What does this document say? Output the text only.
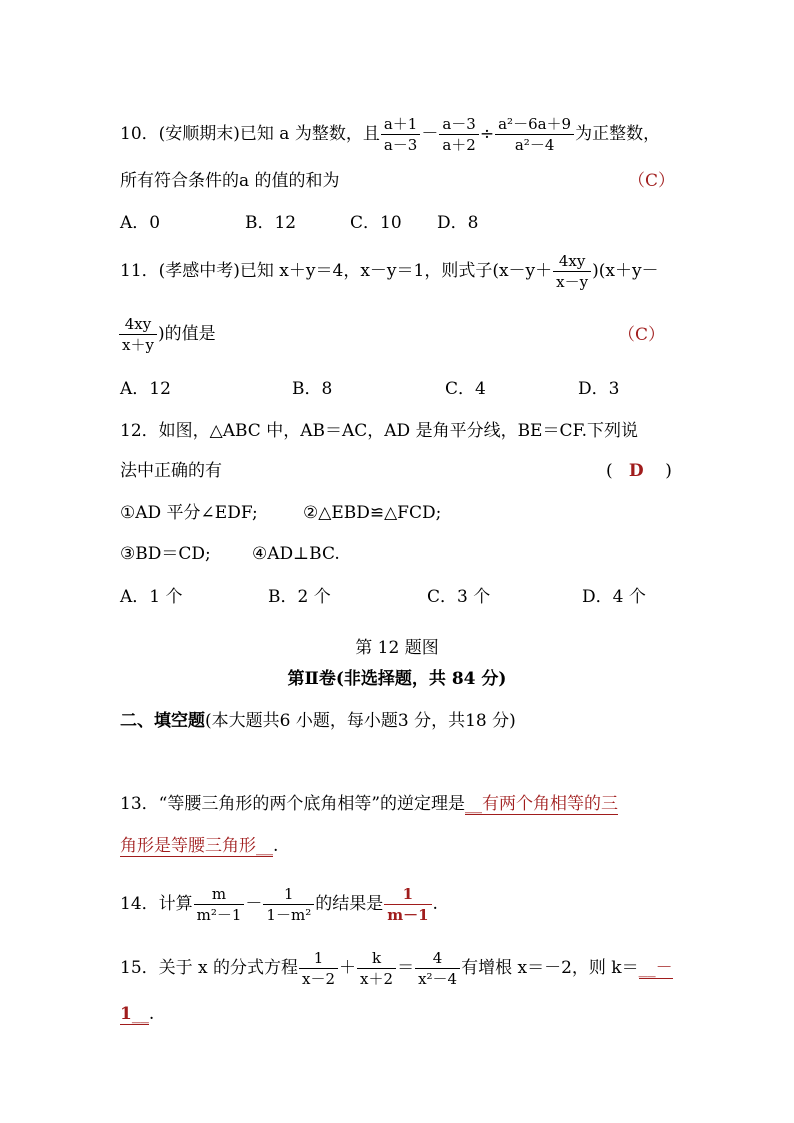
10．(安顺期末)已知 a 为整数，且 $\frac{a+1}{a-3} - \frac{a-3}{a+2} \div \frac{\text{a²－6a＋9}}{\text{a²－4}}$ 为正整数，
所有符合条件的a 的值的和为	（C）
A．0	B．12	C．10 D．8
11．(孝感中考)已知 x＋y＝4，x－y＝1，则式子$(x-y+ \frac{4xy}{x-y} )(x+y-$
$\frac{4xy}{x+y}$ )的值是	（C）
A．12	B．8	C．4	D．3
12．如图，△ABC 中，AB＝AC，AD 是角平分线，BE＝CF.下列说
法中正确的有	( D )
①AD 平分∠EDF;	②△EBD≌△FCD;
③BD＝CD; ④AD⊥BC.
A．1 个	B．2 个	C．3 个	D．4 个
第 12 题图
第Ⅱ卷(非选择题，共 84 分)
二、填空题(本大题共6 小题，每小题3 分，共18 分)
13．“等腰三角形的两个底角相等”的逆定理是__有两个角相等的三
角形是等腰三角形__.
14．计算 $\frac{m}{\text{m²－1}} - \frac{1}{\text{1－m²}}$ 的结果是 $\frac{1}{m-1}$ .
15．关于 x 的分式方程 $\frac{1}{x-2} + \frac{k}{x+2} = \frac{4}{\text{x²－4}}$ 有增根 x＝－2，则 k＝__－
1__.
